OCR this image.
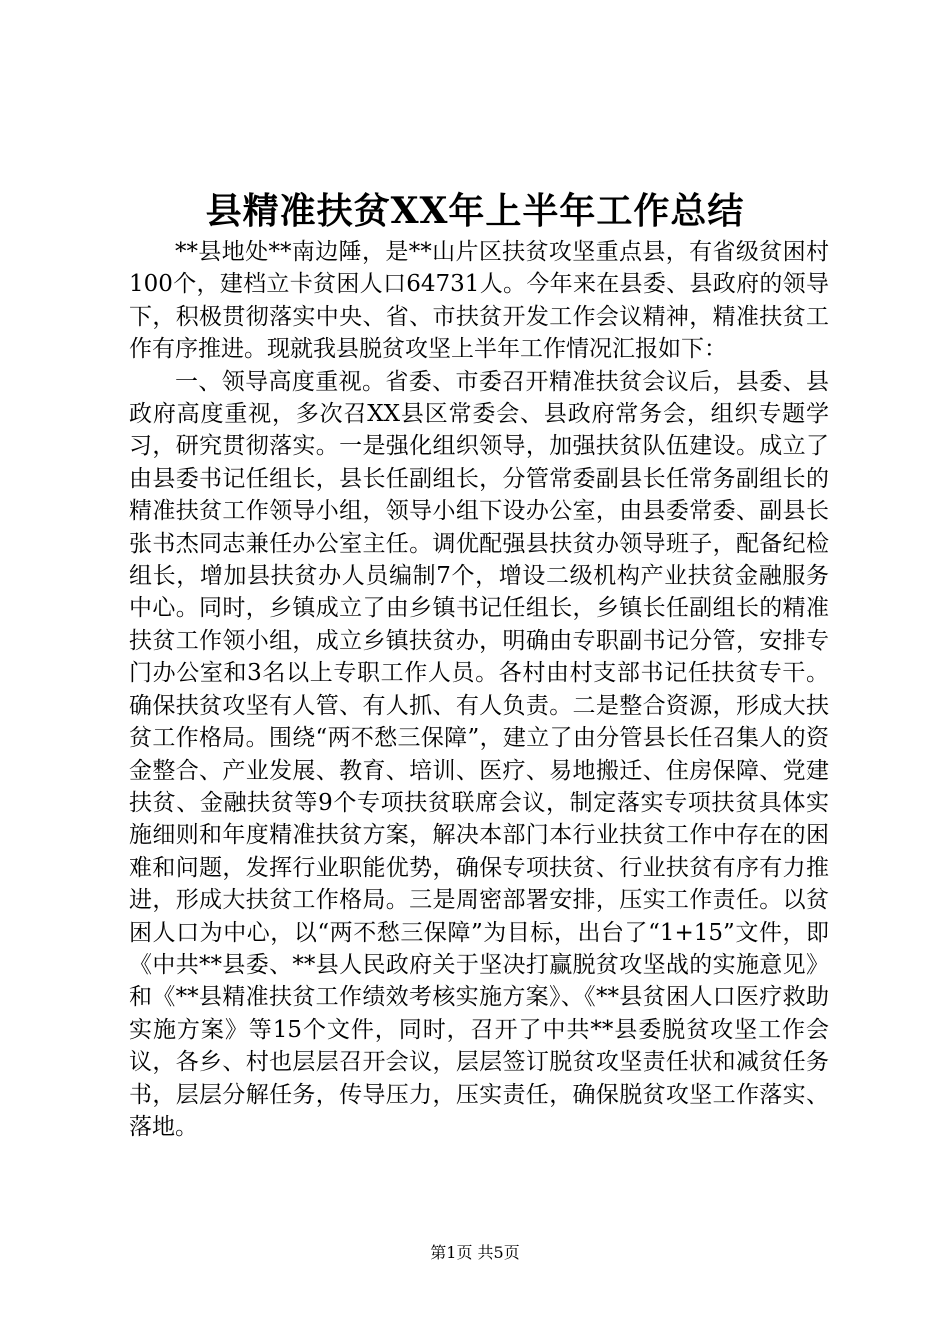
县精准扶贫XX年上半年工作总结

**县地处**南边陲，是**山片区扶贫攻坚重点县，有省级贫困村100个，建档立卡贫困人口64731人。今年来在县委、县政府的领导下，积极贯彻落实中央、省、市扶贫开发工作会议精神，精准扶贫工作有序推进。现就我县脱贫攻坚上半年工作情况汇报如下：

一、领导高度重视。省委、市委召开精准扶贫会议后，县委、县政府高度重视，多次召XX县区常委会、县政府常务会，组织专题学习，研究贯彻落实。一是强化组织领导，加强扶贫队伍建设。成立了由县委书记任组长，县长任副组长，分管常委副县长任常务副组长的精准扶贫工作领导小组，领导小组下设办公室，由县委常委、副县长张书杰同志兼任办公室主任。调优配强县扶贫办领导班子，配备纪检组长，增加县扶贫办人员编制7个，增设二级机构产业扶贫金融服务中心。同时，乡镇成立了由乡镇书记任组长，乡镇长任副组长的精准扶贫工作领小组，成立乡镇扶贫办，明确由专职副书记分管，安排专门办公室和3名以上专职工作人员。各村由村支部书记任扶贫专干。确保扶贫攻坚有人管、有人抓、有人负责。二是整合资源，形成大扶贫工作格局。围绕“两不愁三保障”，建立了由分管县长任召集人的资金整合、产业发展、教育、培训、医疗、易地搬迁、住房保障、党建扶贫、金融扶贫等9个专项扶贫联席会议，制定落实专项扶贫具体实施细则和年度精准扶贫方案，解决本部门本行业扶贫工作中存在的困难和问题，发挥行业职能优势，确保专项扶贫、行业扶贫有序有力推进，形成大扶贫工作格局。三是周密部署安排，压实工作责任。以贫困人口为中心，以“两不愁三保障”为目标，出台了“1+15”文件，即《中共**县委、**县人民政府关于坚决打赢脱贫攻坚战的实施意见》和《**县精准扶贫工作绩效考核实施方案》、《**县贫困人口医疗救助实施方案》等15个文件，同时，召开了中共**县委脱贫攻坚工作会议，各乡、村也层层召开会议，层层签订脱贫攻坚责任状和减贫任务书，层层分解任务，传导压力，压实责任，确保脱贫攻坚工作落实、落地。

第1页 共5页
